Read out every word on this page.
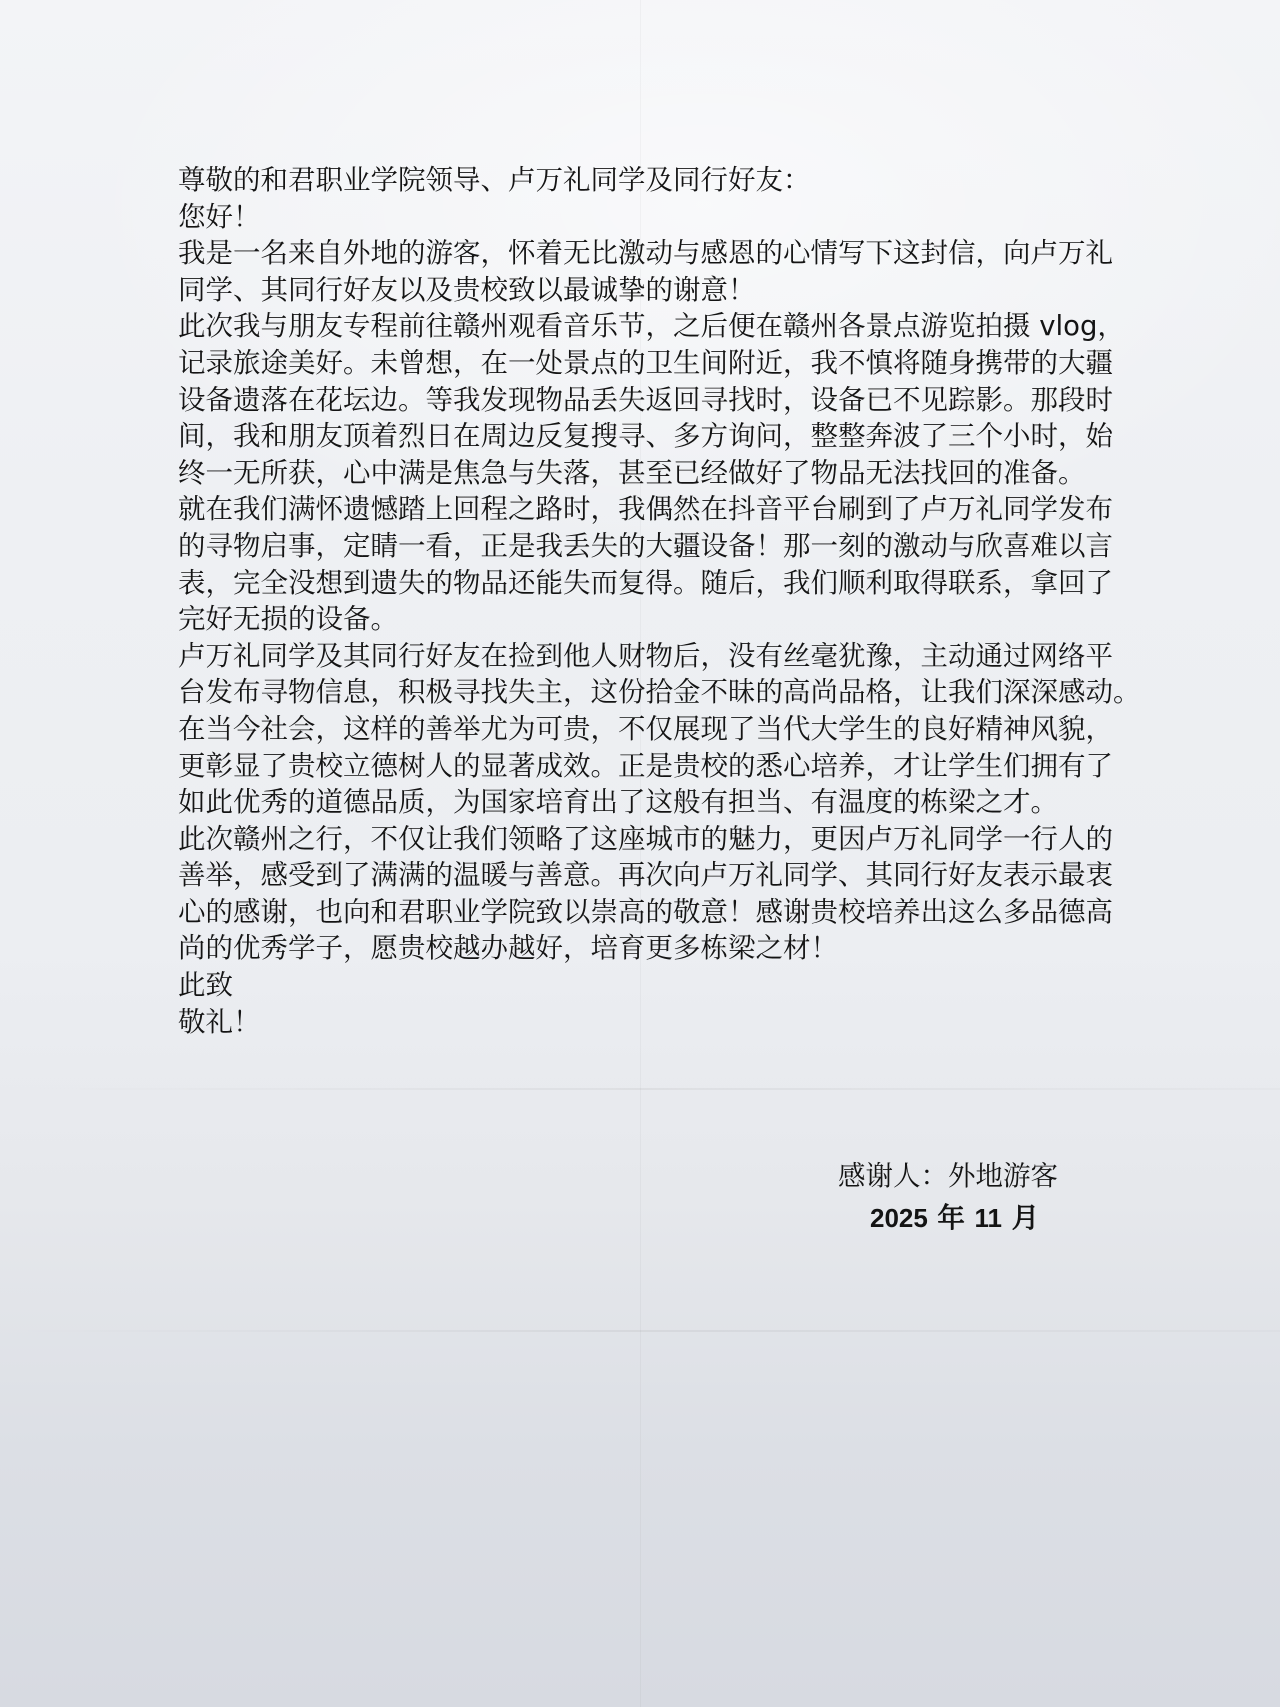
尊敬的和君职业学院领导、卢万礼同学及同行好友：

您好！

我是一名来自外地的游客，怀着无比激动与感恩的心情写下这封信，向卢万礼
同学、其同行好友以及贵校致以最诚挚的谢意！

此次我与朋友专程前往赣州观看音乐节，之后便在赣州各景点游览拍摄 vlog，
记录旅途美好。未曾想，在一处景点的卫生间附近，我不慎将随身携带的大疆
设备遗落在花坛边。等我发现物品丢失返回寻找时，设备已不见踪影。那段时
间，我和朋友顶着烈日在周边反复搜寻、多方询问，整整奔波了三个小时，始
终一无所获，心中满是焦急与失落，甚至已经做好了物品无法找回的准备。

就在我们满怀遗憾踏上回程之路时，我偶然在抖音平台刷到了卢万礼同学发布
的寻物启事，定睛一看，正是我丢失的大疆设备！那一刻的激动与欣喜难以言
表，完全没想到遗失的物品还能失而复得。随后，我们顺利取得联系，拿回了
完好无损的设备。

卢万礼同学及其同行好友在捡到他人财物后，没有丝毫犹豫，主动通过网络平
台发布寻物信息，积极寻找失主，这份拾金不昧的高尚品格，让我们深深感动。
在当今社会，这样的善举尤为可贵，不仅展现了当代大学生的良好精神风貌，
更彰显了贵校立德树人的显著成效。正是贵校的悉心培养，才让学生们拥有了
如此优秀的道德品质，为国家培育出了这般有担当、有温度的栋梁之才。

此次赣州之行，不仅让我们领略了这座城市的魅力，更因卢万礼同学一行人的
善举，感受到了满满的温暖与善意。再次向卢万礼同学、其同行好友表示最衷
心的感谢，也向和君职业学院致以崇高的敬意！感谢贵校培养出这么多品德高
尚的优秀学子，愿贵校越办越好，培育更多栋梁之材！

此致

敬礼！

感谢人：外地游客
2025 年 11 月
